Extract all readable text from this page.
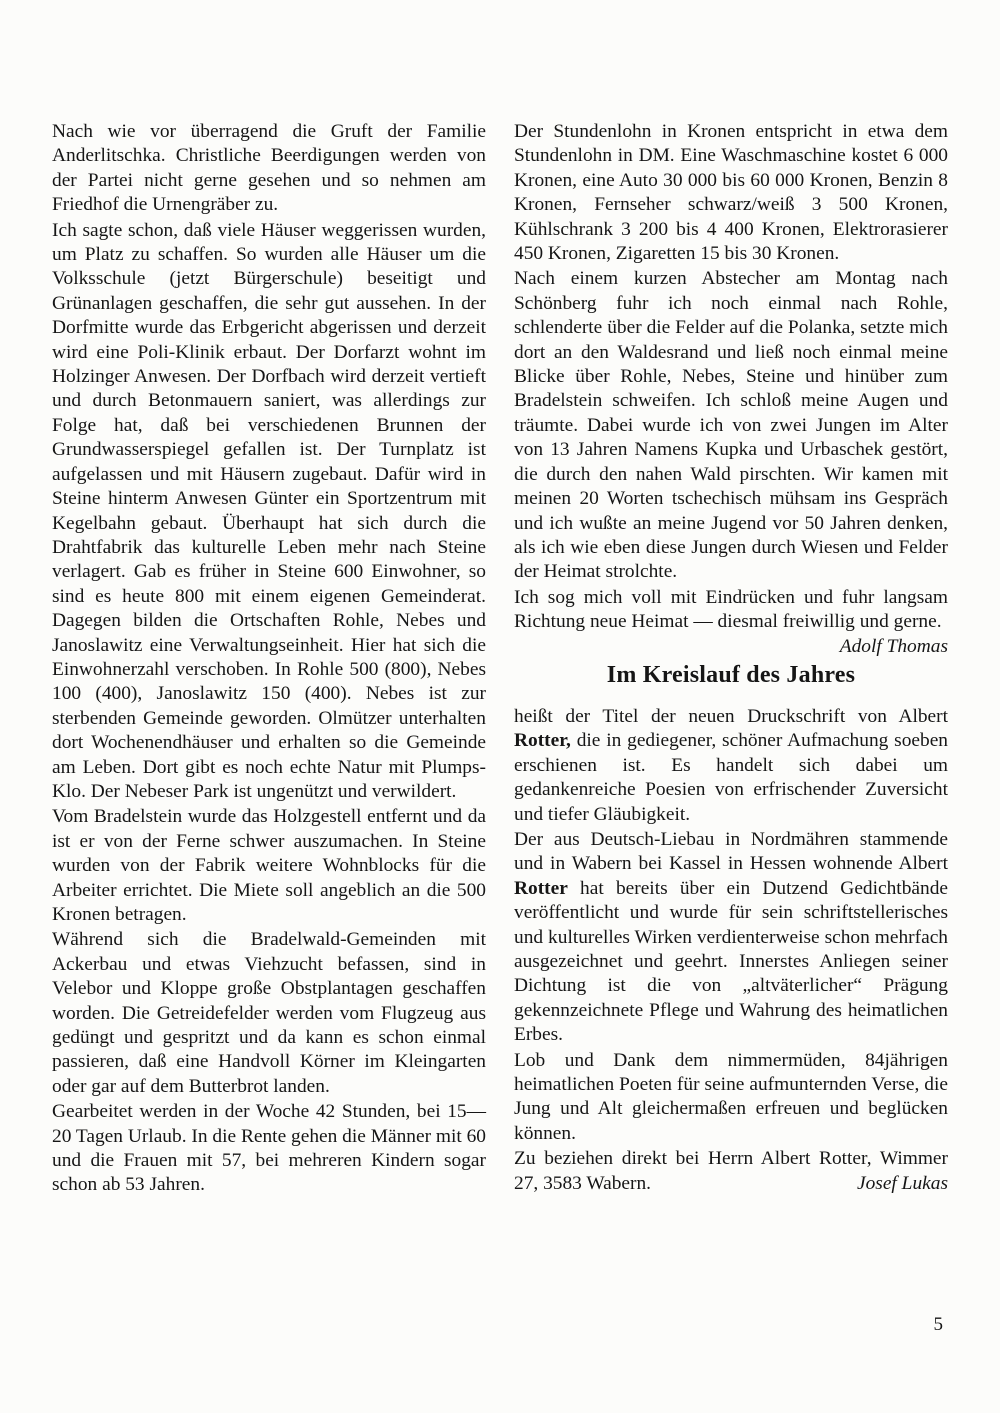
Nach wie vor überragend die Gruft der Familie Anderlitschka. Christliche Beerdigungen werden von der Partei nicht gerne gesehen und so nehmen am Friedhof die Urnengräber zu.

Ich sagte schon, daß viele Häuser weggerissen wurden, um Platz zu schaffen. So wurden alle Häuser um die Volksschule (jetzt Bürgerschule) beseitigt und Grünanlagen geschaffen, die sehr gut aussehen. In der Dorfmitte wurde das Erbgericht abgerissen und derzeit wird eine Poli-Klinik erbaut. Der Dorfarzt wohnt im Holzinger Anwesen. Der Dorfbach wird derzeit vertieft und durch Betonmauern saniert, was allerdings zur Folge hat, daß bei verschiedenen Brunnen der Grundwasserspiegel gefallen ist. Der Turnplatz ist aufgelassen und mit Häusern zugebaut. Dafür wird in Steine hinterm Anwesen Günter ein Sportzentrum mit Kegelbahn gebaut. Überhaupt hat sich durch die Drahtfabrik das kulturelle Leben mehr nach Steine verlagert. Gab es früher in Steine 600 Einwohner, so sind es heute 800 mit einem eigenen Gemeinderat. Dagegen bilden die Ortschaften Rohle, Nebes und Janoslawitz eine Verwaltungseinheit. Hier hat sich die Einwohnerzahl verschoben. In Rohle 500 (800), Nebes 100 (400), Janoslawitz 150 (400). Nebes ist zur sterbenden Gemeinde geworden. Olmützer unterhalten dort Wochenendhäuser und erhalten so die Gemeinde am Leben. Dort gibt es noch echte Natur mit Plumps-Klo. Der Nebeser Park ist ungenützt und verwildert.

Vom Bradelstein wurde das Holzgestell entfernt und da ist er von der Ferne schwer auszumachen. In Steine wurden von der Fabrik weitere Wohnblocks für die Arbeiter errichtet. Die Miete soll angeblich an die 500 Kronen betragen.

Während sich die Bradelwald-Gemeinden mit Ackerbau und etwas Viehzucht befassen, sind in Velebor und Kloppe große Obstplantagen geschaffen worden. Die Getreidefelder werden vom Flugzeug aus gedüngt und gespritzt und da kann es schon einmal passieren, daß eine Handvoll Körner im Kleingarten oder gar auf dem Butterbrot landen.

Gearbeitet werden in der Woche 42 Stunden, bei 15—20 Tagen Urlaub. In die Rente gehen die Männer mit 60 und die Frauen mit 57, bei mehreren Kindern sogar schon ab 53 Jahren.

Der Stundenlohn in Kronen entspricht in etwa dem Stundenlohn in DM. Eine Waschmaschine kostet 6 000 Kronen, eine Auto 30 000 bis 60 000 Kronen, Benzin 8 Kronen, Fernseher schwarz/weiß 3 500 Kronen, Kühlschrank 3 200 bis 4 400 Kronen, Elektrorasierer 450 Kronen, Zigaretten 15 bis 30 Kronen.

Nach einem kurzen Abstecher am Montag nach Schönberg fuhr ich noch einmal nach Rohle, schlenderte über die Felder auf die Polanka, setzte mich dort an den Waldesrand und ließ noch einmal meine Blicke über Rohle, Nebes, Steine und hinüber zum Bradelstein schweifen. Ich schloß meine Augen und träumte. Dabei wurde ich von zwei Jungen im Alter von 13 Jahren Namens Kupka und Urbaschek gestört, die durch den nahen Wald pirschten. Wir kamen mit meinen 20 Worten tschechisch mühsam ins Gespräch und ich wußte an meine Jugend vor 50 Jahren denken, als ich wie eben diese Jungen durch Wiesen und Felder der Heimat strolchte.

Ich sog mich voll mit Eindrücken und fuhr langsam Richtung neue Heimat — diesmal freiwillig und gerne.
Adolf Thomas

Im Kreislauf des Jahres

heißt der Titel der neuen Druckschrift von Albert Rotter, die in gediegener, schöner Aufmachung soeben erschienen ist. Es handelt sich dabei um gedankenreiche Poesien von erfrischender Zuversicht und tiefer Gläubigkeit.

Der aus Deutsch-Liebau in Nordmähren stammende und in Wabern bei Kassel in Hessen wohnende Albert Rotter hat bereits über ein Dutzend Gedichtbände veröffentlicht und wurde für sein schriftstellerisches und kulturelles Wirken verdienterweise schon mehrfach ausgezeichnet und geehrt. Innerstes Anliegen seiner Dichtung ist die von „altväterlicher“ Prägung gekennzeichnete Pflege und Wahrung des heimatlichen Erbes.

Lob und Dank dem nimmermüden, 84jährigen heimatlichen Poeten für seine aufmunternden Verse, die Jung und Alt gleichermaßen erfreuen und beglücken können.

Zu beziehen direkt bei Herrn Albert Rotter, Wimmer 27, 3583 Wabern.	Josef Lukas

5
